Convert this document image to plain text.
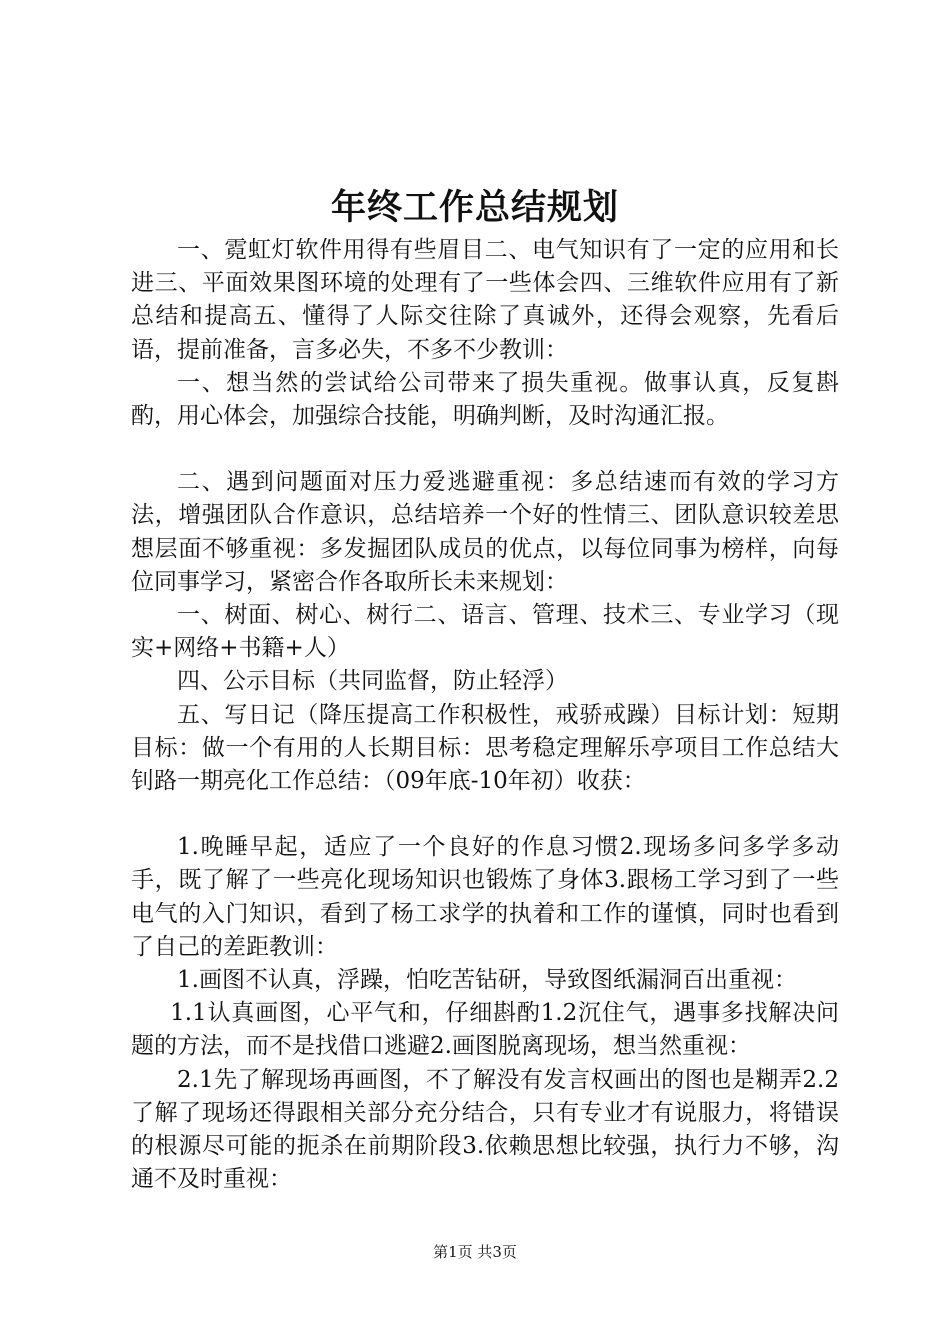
年终工作总结规划

一、霓虹灯软件用得有些眉目二、电气知识有了一定的应用和长进三、平面效果图环境的处理有了一些体会四、三维软件应用有了新总结和提高五、懂得了人际交往除了真诚外，还得会观察，先看后语，提前准备，言多必失，不多不少教训：

一、想当然的尝试给公司带来了损失重视。做事认真，反复斟酌，用心体会，加强综合技能，明确判断，及时沟通汇报。

二、遇到问题面对压力爱逃避重视：多总结速而有效的学习方法，增强团队合作意识，总结培养一个好的性情三、团队意识较差思想层面不够重视：多发掘团队成员的优点，以每位同事为榜样，向每位同事学习，紧密合作各取所长未来规划：

一、树面、树心、树行二、语言、管理、技术三、专业学习（现实+网络+书籍+人）

四、公示目标（共同监督，防止轻浮）

五、写日记（降压提高工作积极性，戒骄戒躁）目标计划：短期目标：做一个有用的人长期目标：思考稳定理解乐亭项目工作总结大钊路一期亮化工作总结：（09年底-10年初）收获：

1.晚睡早起，适应了一个良好的作息习惯2.现场多问多学多动手，既了解了一些亮化现场知识也锻炼了身体3.跟杨工学习到了一些电气的入门知识，看到了杨工求学的执着和工作的谨慎，同时也看到了自己的差距教训：

1.画图不认真，浮躁，怕吃苦钻研，导致图纸漏洞百出重视：

1.1认真画图，心平气和，仔细斟酌1.2沉住气，遇事多找解决问题的方法，而不是找借口逃避2.画图脱离现场，想当然重视：

2.1先了解现场再画图，不了解没有发言权画出的图也是糊弄2.2了解了现场还得跟相关部分充分结合，只有专业才有说服力，将错误的根源尽可能的扼杀在前期阶段3.依赖思想比较强，执行力不够，沟通不及时重视：

第1页 共3页
